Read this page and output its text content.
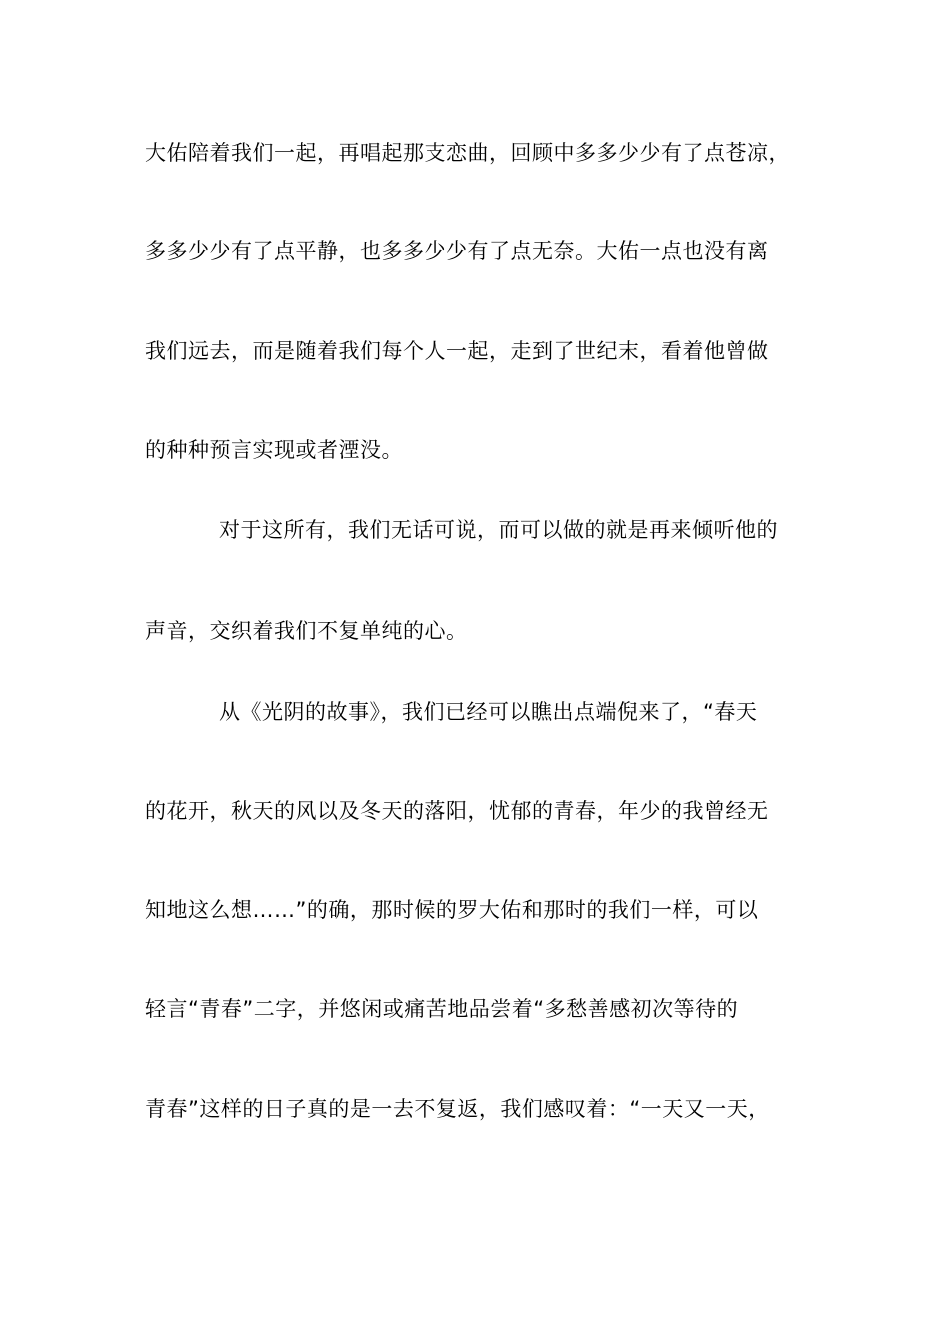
大佑陪着我们一起，再唱起那支恋曲，回顾中多多少少有了点苍凉，
多多少少有了点平静，也多多少少有了点无奈。大佑一点也没有离
我们远去，而是随着我们每个人一起，走到了世纪末，看着他曾做
的种种预言实现或者湮没。
对于这所有，我们无话可说，而可以做的就是再来倾听他的
声音，交织着我们不复单纯的心。
从《光阴的故事》，我们已经可以瞧出点端倪来了，“春天
的花开，秋天的风以及冬天的落阳，忧郁的青春，年少的我曾经无
知地这么想……”的确，那时候的罗大佑和那时的我们一样，可以
轻言“青春”二字，并悠闲或痛苦地品尝着“多愁善感初次等待的
青春”这样的日子真的是一去不复返，我们感叹着：“一天又一天，
